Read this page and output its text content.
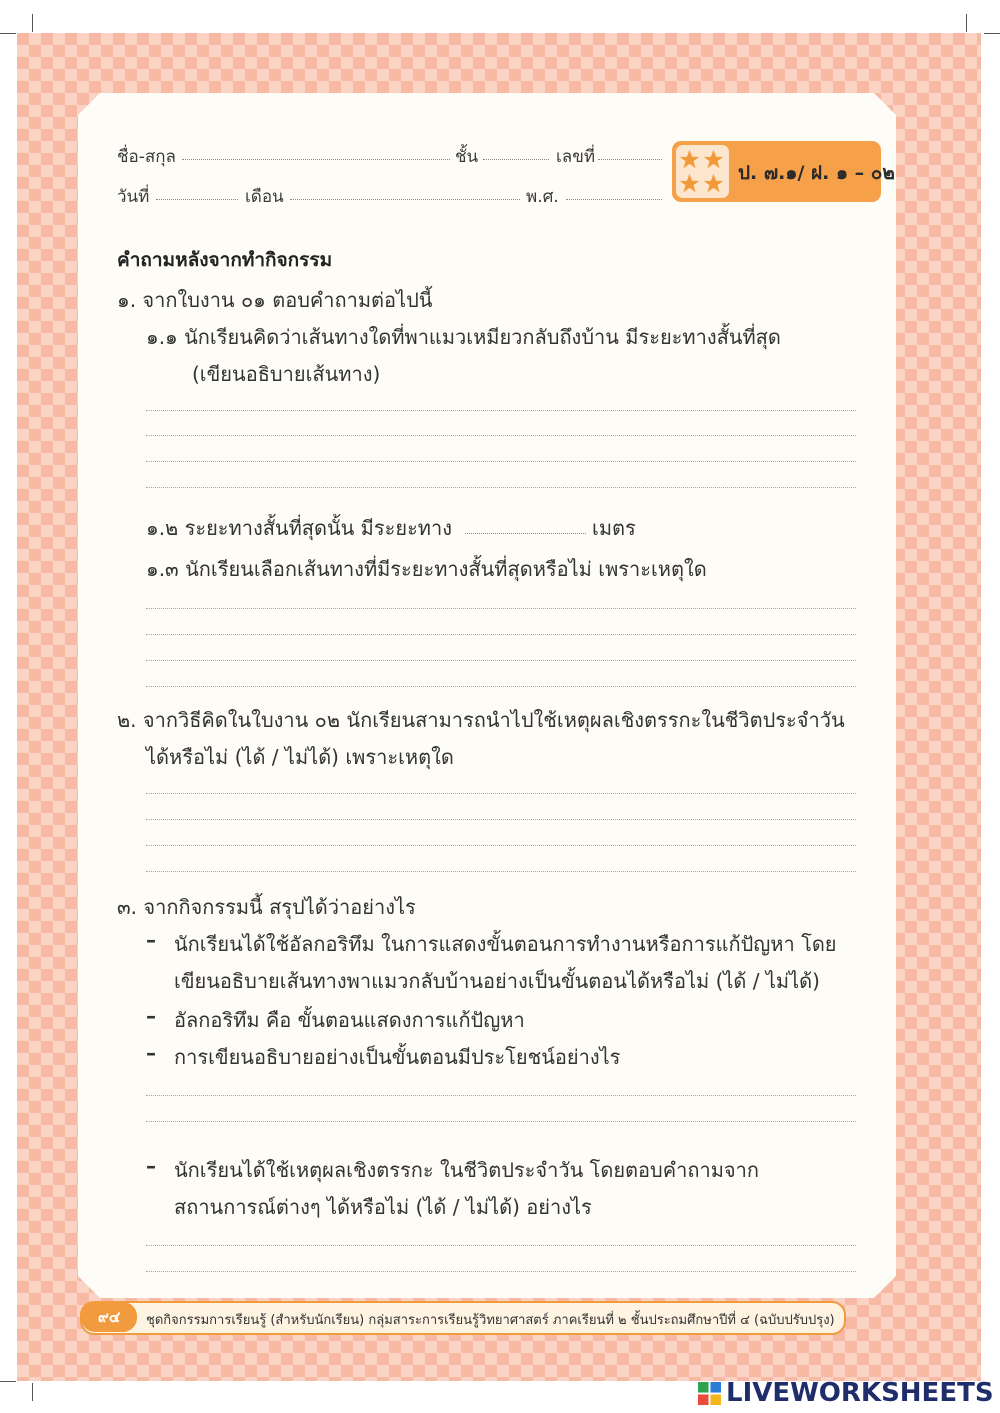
ชื่อ-สกุล	ชั้น	เลขที่
วันที่	เดือน	พ.ศ.
ป. ๗.๑/ ฝ. ๑ – ๐๒
คำถามหลังจากทำกิจกรรม
๑. จากใบงาน ๐๑ ตอบคำถามต่อไปนี้
๑.๑ นักเรียนคิดว่าเส้นทางใดที่พาแมวเหมียวกลับถึงบ้าน มีระยะทางสั้นที่สุด
(เขียนอธิบายเส้นทาง)
๑.๒ ระยะทางสั้นที่สุดนั้น มีระยะทาง	เมตร
๑.๓ นักเรียนเลือกเส้นทางที่มีระยะทางสั้นที่สุดหรือไม่ เพราะเหตุใด
๒. จากวิธีคิดในใบงาน ๐๒ นักเรียนสามารถนำไปใช้เหตุผลเชิงตรรกะในชีวิตประจำวัน
ได้หรือไม่ (ได้ / ไม่ได้) เพราะเหตุใด
๓. จากกิจกรรมนี้ สรุปได้ว่าอย่างไร
– นักเรียนได้ใช้อัลกอริทึม ในการแสดงขั้นตอนการทำงานหรือการแก้ปัญหา โดย
เขียนอธิบายเส้นทางพาแมวกลับบ้านอย่างเป็นขั้นตอนได้หรือไม่ (ได้ / ไม่ได้)
– อัลกอริทึม คือ ขั้นตอนแสดงการแก้ปัญหา
– การเขียนอธิบายอย่างเป็นขั้นตอนมีประโยชน์อย่างไร
– นักเรียนได้ใช้เหตุผลเชิงตรรกะ ในชีวิตประจำวัน โดยตอบคำถามจาก
สถานการณ์ต่างๆ ได้หรือไม่ (ได้ / ไม่ได้) อย่างไร
๙๔	ชุดกิจกรรมการเรียนรู้ (สำหรับนักเรียน) กลุ่มสาระการเรียนรู้วิทยาศาสตร์ ภาคเรียนที่ ๒ ชั้นประถมศึกษาปีที่ ๔ (ฉบับปรับปรุง)
LIVEWORKSHEETS
